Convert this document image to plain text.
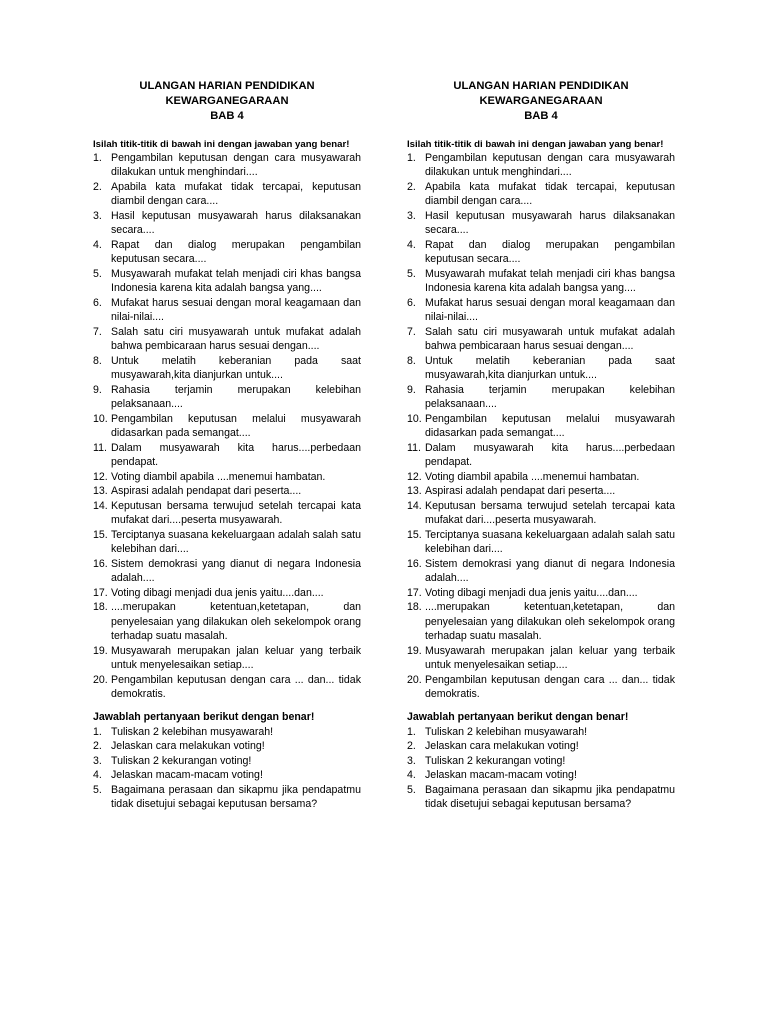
ULANGAN HARIAN PENDIDIKAN
KEWARGANEGARAAN
BAB 4
Isilah titik-titik di bawah ini dengan jawaban yang benar!
1. Pengambilan keputusan dengan cara musyawarah dilakukan untuk menghindari....
2. Apabila kata mufakat tidak tercapai, keputusan diambil dengan cara....
3. Hasil keputusan musyawarah harus dilaksanakan secara....
4. Rapat dan dialog merupakan pengambilan keputusan secara....
5. Musyawarah mufakat telah menjadi ciri khas bangsa Indonesia karena kita adalah bangsa yang....
6. Mufakat harus sesuai dengan moral keagamaan dan nilai-nilai....
7. Salah satu ciri musyawarah untuk mufakat adalah bahwa pembicaraan harus sesuai dengan....
8. Untuk melatih keberanian pada saat musyawarah,kita dianjurkan untuk....
9. Rahasia terjamin merupakan kelebihan pelaksanaan....
10. Pengambilan keputusan melalui musyawarah didasarkan pada semangat....
11. Dalam musyawarah kita harus....perbedaan pendapat.
12. Voting diambil apabila ....menemui hambatan.
13. Aspirasi adalah pendapat dari peserta....
14. Keputusan bersama terwujud setelah tercapai kata mufakat dari....peserta musyawarah.
15. Terciptanya suasana kekeluargaan adalah salah satu kelebihan dari....
16. Sistem demokrasi yang dianut di negara Indonesia adalah....
17. Voting dibagi menjadi dua jenis yaitu....dan....
18. ....merupakan ketentuan,ketetapan, dan penyelesaian yang dilakukan oleh sekelompok orang terhadap suatu masalah.
19. Musyawarah merupakan jalan keluar yang terbaik untuk menyelesaikan setiap....
20. Pengambilan keputusan dengan cara ... dan... tidak demokratis.
Jawablah pertanyaan berikut dengan benar!
1. Tuliskan 2 kelebihan musyawarah!
2. Jelaskan cara melakukan voting!
3. Tuliskan 2 kekurangan voting!
4. Jelaskan macam-macam voting!
5. Bagaimana perasaan dan sikapmu jika pendapatmu tidak disetujui sebagai keputusan bersama?
ULANGAN HARIAN PENDIDIKAN
KEWARGANEGARAAN
BAB 4
Isilah titik-titik di bawah ini dengan jawaban yang benar!
1. Pengambilan keputusan dengan cara musyawarah dilakukan untuk menghindari....
2. Apabila kata mufakat tidak tercapai, keputusan diambil dengan cara....
3. Hasil keputusan musyawarah harus dilaksanakan secara....
4. Rapat dan dialog merupakan pengambilan keputusan secara....
5. Musyawarah mufakat telah menjadi ciri khas bangsa Indonesia karena kita adalah bangsa yang....
6. Mufakat harus sesuai dengan moral keagamaan dan nilai-nilai....
7. Salah satu ciri musyawarah untuk mufakat adalah bahwa pembicaraan harus sesuai dengan....
8. Untuk melatih keberanian pada saat musyawarah,kita dianjurkan untuk....
9. Rahasia terjamin merupakan kelebihan pelaksanaan....
10. Pengambilan keputusan melalui musyawarah didasarkan pada semangat....
11. Dalam musyawarah kita harus....perbedaan pendapat.
12. Voting diambil apabila ....menemui hambatan.
13. Aspirasi adalah pendapat dari peserta....
14. Keputusan bersama terwujud setelah tercapai kata mufakat dari....peserta musyawarah.
15. Terciptanya suasana kekeluargaan adalah salah satu kelebihan dari....
16. Sistem demokrasi yang dianut di negara Indonesia adalah....
17. Voting dibagi menjadi dua jenis yaitu....dan....
18. ....merupakan ketentuan,ketetapan, dan penyelesaian yang dilakukan oleh sekelompok orang terhadap suatu masalah.
19. Musyawarah merupakan jalan keluar yang terbaik untuk menyelesaikan setiap....
20. Pengambilan keputusan dengan cara ... dan... tidak demokratis.
Jawablah pertanyaan berikut dengan benar!
1. Tuliskan 2 kelebihan musyawarah!
2. Jelaskan cara melakukan voting!
3. Tuliskan 2 kekurangan voting!
4. Jelaskan macam-macam voting!
5. Bagaimana perasaan dan sikapmu jika pendapatmu tidak disetujui sebagai keputusan bersama?
